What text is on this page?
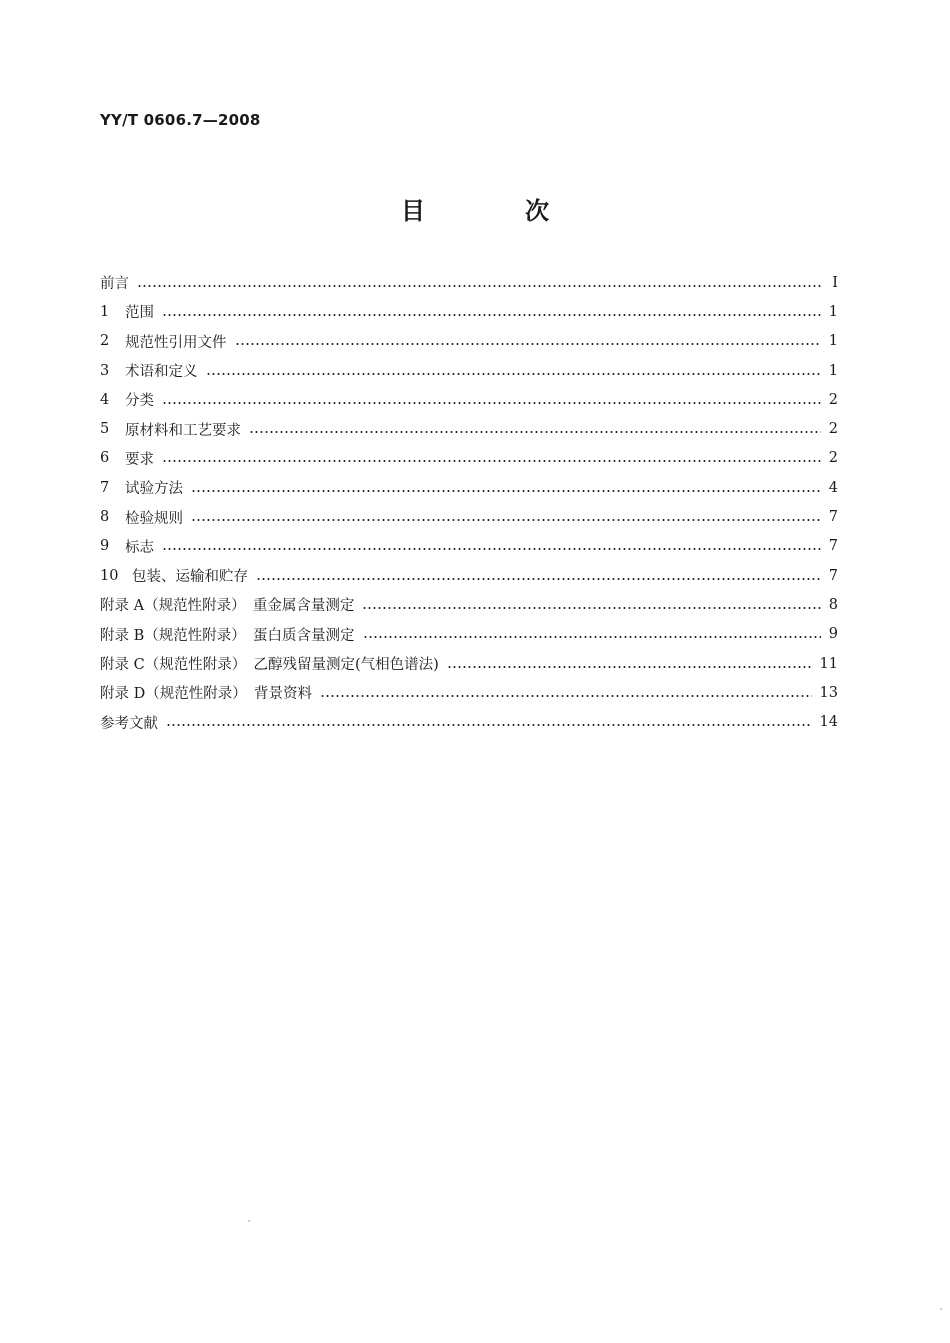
YY/T 0606.7—2008
目　次
前言	Ⅰ
1	范围	1
2	规范性引用文件	1
3	术语和定义	1
4	分类	2
5	原材料和工艺要求	2
6	要求	2
7	试验方法	4
8	检验规则	7
9	标志	7
10 包装、运输和贮存	7
附录 A（规范性附录）　重金属含量测定	8
附录 B（规范性附录）　蛋白质含量测定	9
附录 C（规范性附录）　乙醇残留量测定(气相色谱法)	11
附录 D（规范性附录）　背景资料	13
参考文献	14
